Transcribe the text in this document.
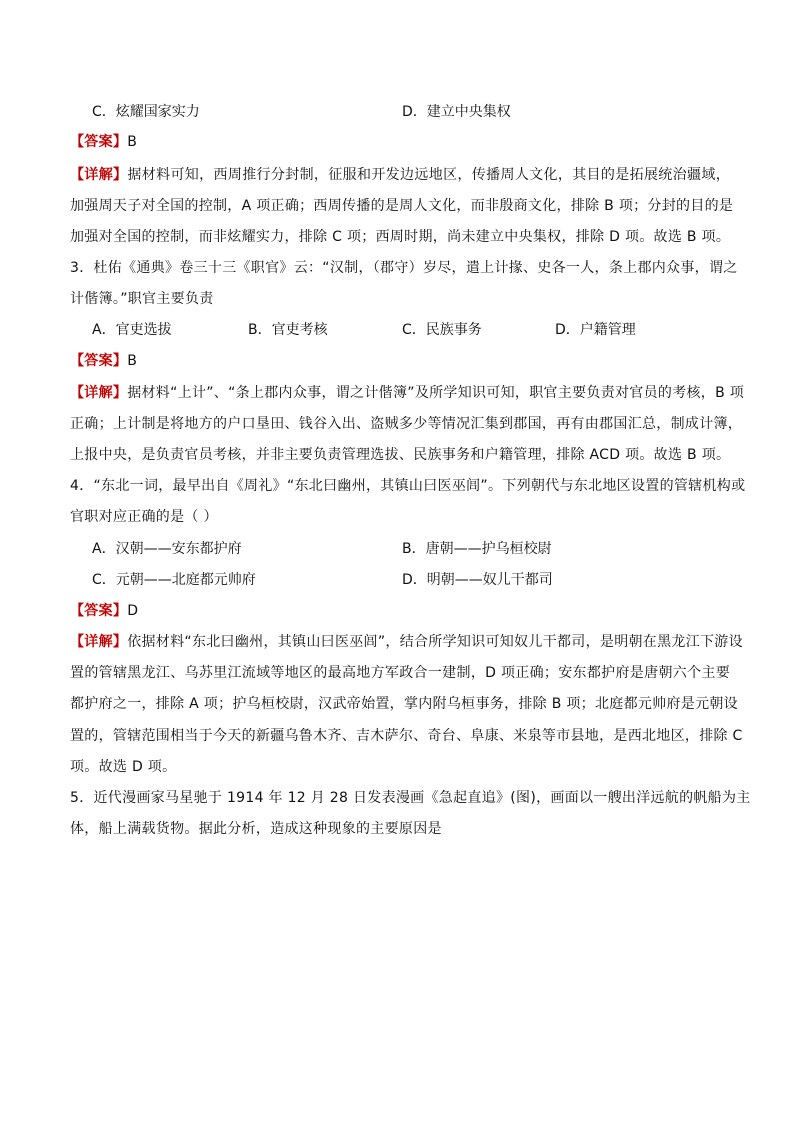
C．炫耀国家实力	D．建立中央集权
【答案】B
【详解】据材料可知，西周推行分封制，征服和开发边远地区，传播周人文化，其目的是拓展统治疆域，
加强周天子对全国的控制，A 项正确；西周传播的是周人文化，而非殷商文化，排除 B 项；分封的目的是
加强对全国的控制，而非炫耀实力，排除 C 项；西周时期，尚未建立中央集权，排除 D 项。故选 B 项。
3．杜佑《通典》卷三十三《职官》云：“汉制，（郡守）岁尽，遣上计掾、史各一人，条上郡内众事，谓之
计偕簿。”职官主要负责
A．官吏选拔	B．官吏考核	C．民族事务	D．户籍管理
【答案】B
【详解】据材料“上计”、“条上郡内众事，谓之计偕簿”及所学知识可知，职官主要负责对官员的考核，B 项
正确；上计制是将地方的户口垦田、钱谷入出、盗贼多少等情况汇集到郡国，再有由郡国汇总，制成计簿，
上报中央，是负责官员考核，并非主要负责管理选拔、民族事务和户籍管理，排除 ACD 项。故选 B 项。
4．“东北一词，最早出自《周礼》“东北曰幽州，其镇山曰医巫闾”。下列朝代与东北地区设置的管辖机构或
官职对应正确的是（ ）
A．汉朝——安东都护府	B．唐朝——护乌桓校尉
C．元朝——北庭都元帅府	D．明朝——奴儿干都司
【答案】D
【详解】依据材料“东北曰幽州，其镇山曰医巫闾”，结合所学知识可知奴儿干都司，是明朝在黑龙江下游设
置的管辖黑龙江、乌苏里江流域等地区的最高地方军政合一建制，D 项正确；安东都护府是唐朝六个主要
都护府之一，排除 A 项；护乌桓校尉，汉武帝始置，掌内附乌桓事务，排除 B 项；北庭都元帅府是元朝设
置的，管辖范围相当于今天的新疆乌鲁木齐、吉木萨尔、奇台、阜康、米泉等市县地，是西北地区，排除 C
项。故选 D 项。
5．近代漫画家马星驰于 1914 年 12 月 28 日发表漫画《急起直追》(图)，画面以一艘出洋远航的帆船为主
体，船上满载货物。据此分析，造成这种现象的主要原因是
